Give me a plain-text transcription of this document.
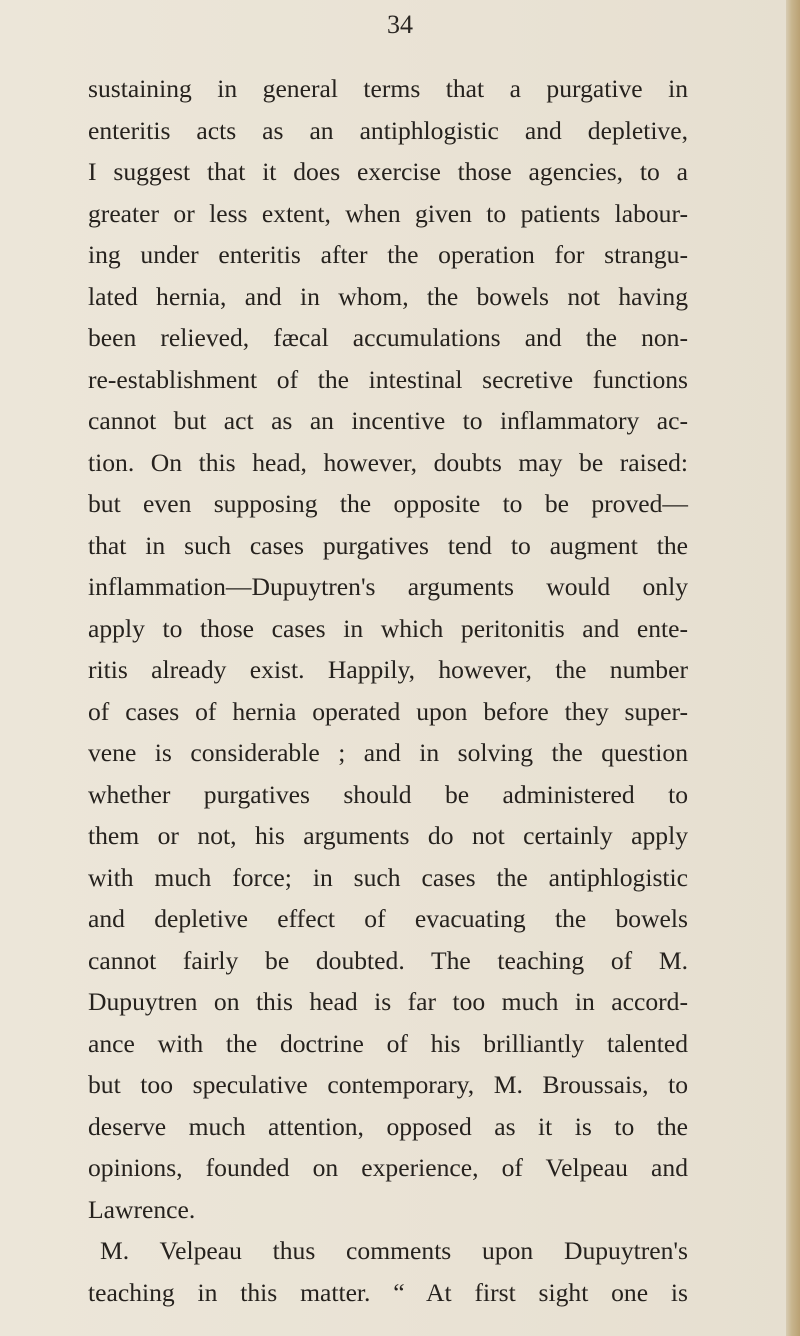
34
sustaining in general terms that a purgative in
enteritis acts as an antiphlogistic and depletive,
I suggest that it does exercise those agencies, to a
greater or less extent, when given to patients labour-
ing under enteritis after the operation for strangu-
lated hernia, and in whom, the bowels not having
been relieved, fæcal accumulations and the non-
re-establishment of the intestinal secretive functions
cannot but act as an incentive to inflammatory ac-
tion. On this head, however, doubts may be raised:
but even supposing the opposite to be proved—
that in such cases purgatives tend to augment the
inflammation—Dupuytren's arguments would only
apply to those cases in which peritonitis and ente-
ritis already exist. Happily, however, the number
of cases of hernia operated upon before they super-
vene is considerable ; and in solving the question
whether purgatives should be administered to
them or not, his arguments do not certainly apply
with much force; in such cases the antiphlogistic
and depletive effect of evacuating the bowels
cannot fairly be doubted. The teaching of M.
Dupuytren on this head is far too much in accord-
ance with the doctrine of his brilliantly talented
but too speculative contemporary, M. Broussais, to
deserve much attention, opposed as it is to the
opinions, founded on experience, of Velpeau and
Lawrence.
M. Velpeau thus comments upon Dupuytren's
teaching in this matter. “ At first sight one is
